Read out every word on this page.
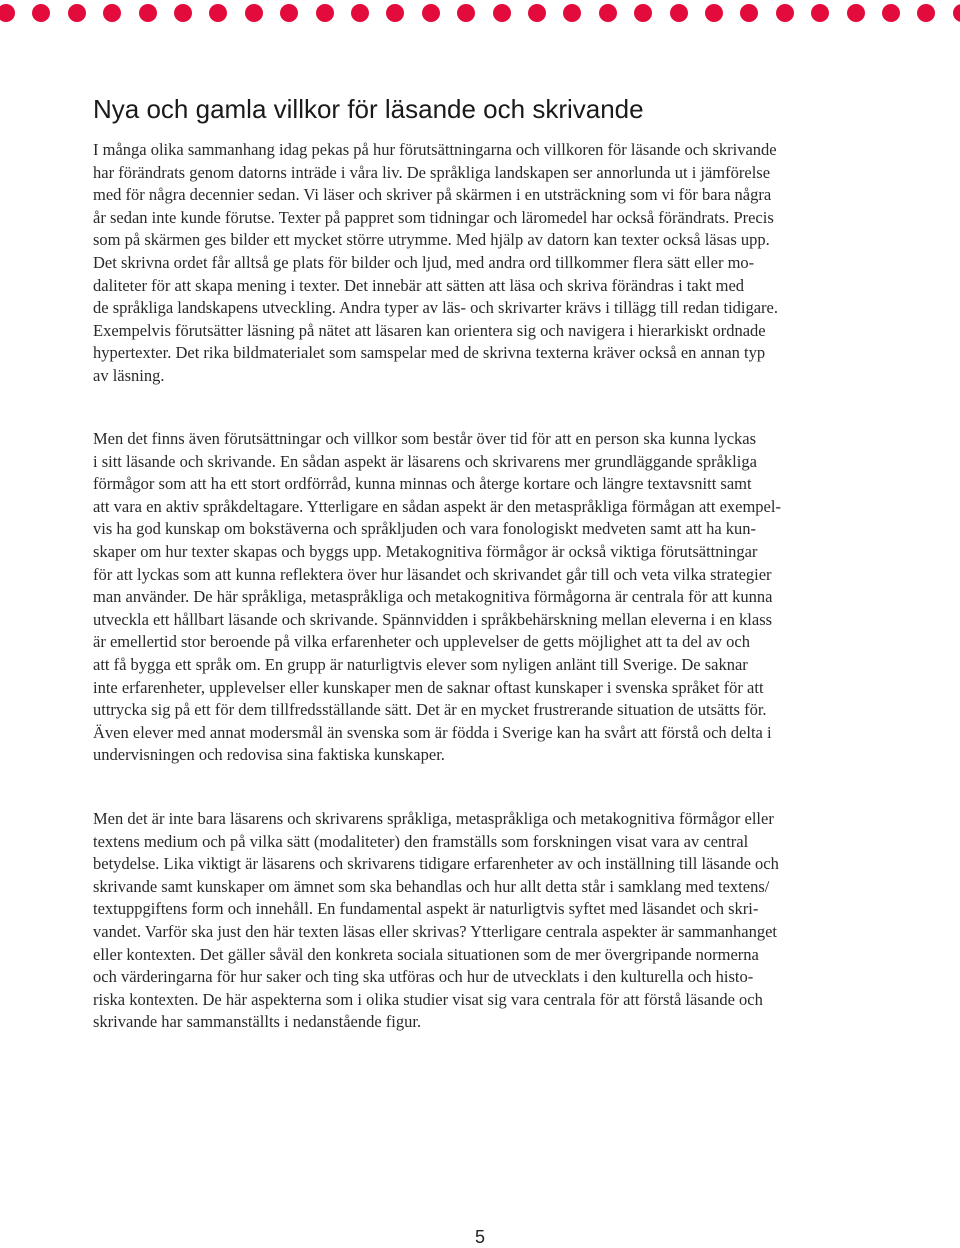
Nya och gamla villkor för läsande och skrivande
I många olika sammanhang idag pekas på hur förutsättningarna och villkoren för läsande och skrivande
har förändrats genom datorns inträde i våra liv. De språkliga landskapen ser annorlunda ut i jämförelse
med för några decennier sedan. Vi läser och skriver på skärmen i en utsträckning som vi för bara några
år sedan inte kunde förutse. Texter på pappret som tidningar och läromedel har också förändrats. Precis
som på skärmen ges bilder ett mycket större utrymme. Med hjälp av datorn kan texter också läsas upp.
Det skrivna ordet får alltså ge plats för bilder och ljud, med andra ord tillkommer flera sätt eller mo-
daliteter för att skapa mening i texter. Det innebär att sätten att läsa och skriva förändras i takt med
de språkliga landskapens utveckling. Andra typer av läs- och skrivarter krävs i tillägg till redan tidigare.
Exempelvis förutsätter läsning på nätet att läsaren kan orientera sig och navigera i hierarkiskt ordnade
hypertexter. Det rika bildmaterialet som samspelar med de skrivna texterna kräver också en annan typ
av läsning.
Men det finns även förutsättningar och villkor som består över tid för att en person ska kunna lyckas
i sitt läsande och skrivande. En sådan aspekt är läsarens och skrivarens mer grundläggande språkliga
förmågor som att ha ett stort ordförråd, kunna minnas och återge kortare och längre textavsnitt samt
att vara en aktiv språkdeltagare. Ytterligare en sådan aspekt är den metaspråkliga förmågan att exempel-
vis ha god kunskap om bokstäverna och språkljuden och vara fonologiskt medveten samt att ha kun-
skaper om hur texter skapas och byggs upp. Metakognitiva förmågor är också viktiga förutsättningar
för att lyckas som att kunna reflektera över hur läsandet och skrivandet går till och veta vilka strategier
man använder. De här språkliga, metaspråkliga och metakognitiva förmågorna är centrala för att kunna
utveckla ett hållbart läsande och skrivande. Spännvidden i språkbehärskning mellan eleverna i en klass
är emellertid stor beroende på vilka erfarenheter och upplevelser de getts möjlighet att ta del av och
att få bygga ett språk om. En grupp är naturligtvis elever som nyligen anlänt till Sverige. De saknar
inte erfarenheter, upplevelser eller kunskaper men de saknar oftast kunskaper i svenska språket för att
uttrycka sig på ett för dem tillfredsställande sätt. Det är en mycket frustrerande situation de utsätts för.
Även elever med annat modersmål än svenska som är födda i Sverige kan ha svårt att förstå och delta i
undervisningen och redovisa sina faktiska kunskaper.
Men det är inte bara läsarens och skrivarens språkliga, metaspråkliga och metakognitiva förmågor eller
textens medium och på vilka sätt (modaliteter) den framställs som forskningen visat vara av central
betydelse. Lika viktigt är läsarens och skrivarens tidigare erfarenheter av och inställning till läsande och
skrivande samt kunskaper om ämnet som ska behandlas och hur allt detta står i samklang med textens/
textuppgiftens form och innehåll. En fundamental aspekt är naturligtvis syftet med läsandet och skri-
vandet. Varför ska just den här texten läsas eller skrivas? Ytterligare centrala aspekter är sammanhanget
eller kontexten. Det gäller såväl den konkreta sociala situationen som de mer övergripande normerna
och värderingarna för hur saker och ting ska utföras och hur de utvecklats i den kulturella och histo-
riska kontexten. De här aspekterna som i olika studier visat sig vara centrala för att förstå läsande och
skrivande har sammanställts i nedanstående figur.
5
